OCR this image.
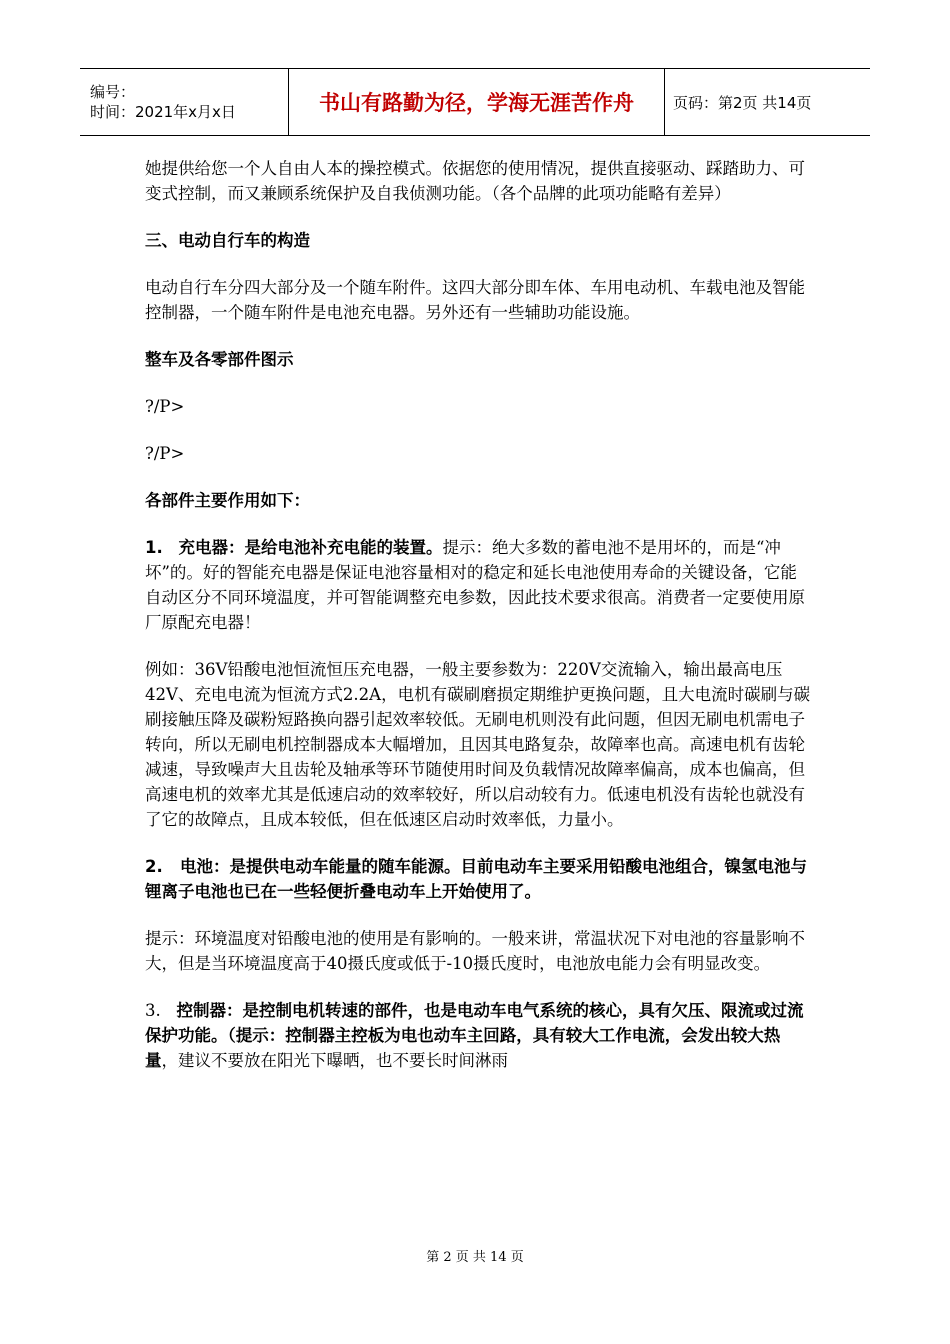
编号：
时间：2021年x月x日	书山有路勤为径，学海无涯苦作舟	页码：第2页 共14页

她提供给您一个人自由人本的操控模式。依据您的使用情况，提供直接驱动、踩踏助力、可变式控制，而又兼顾系统保护及自我侦测功能。（各个品牌的此项功能略有差异）

三、电动自行车的构造

电动自行车分四大部分及一个随车附件。这四大部分即车体、车用电动机、车载电池及智能控制器，一个随车附件是电池充电器。另外还有一些辅助功能设施。

整车及各零部件图示

?/P>

?/P>

各部件主要作用如下：

1. 充电器：是给电池补充电能的装置。提示：绝大多数的蓄电池不是用坏的，而是“冲坏”的。好的智能充电器是保证电池容量相对的稳定和延长电池使用寿命的关键设备，它能自动区分不同环境温度，并可智能调整充电参数，因此技术要求很高。消费者一定要使用原厂原配充电器！

例如：36V铅酸电池恒流恒压充电器，一般主要参数为：220V交流输入，输出最高电压42V、充电电流为恒流方式2.2A，电机有碳刷磨损定期维护更换问题，且大电流时碳刷与碳刷接触压降及碳粉短路换向器引起效率较低。无刷电机则没有此问题，但因无刷电机需电子转向，所以无刷电机控制器成本大幅增加，且因其电路复杂，故障率也高。高速电机有齿轮减速，导致噪声大且齿轮及轴承等环节随使用时间及负载情况故障率偏高，成本也偏高，但高速电机的效率尤其是低速启动的效率较好，所以启动较有力。低速电机没有齿轮也就没有了它的故障点，且成本较低，但在低速区启动时效率低，力量小。

2. 电池：是提供电动车能量的随车能源。目前电动车主要采用铅酸电池组合，镍氢电池与锂离子电池也已在一些轻便折叠电动车上开始使用了。

提示：环境温度对铅酸电池的使用是有影响的。一般来讲，常温状况下对电池的容量影响不大，但是当环境温度高于40摄氏度或低于-10摄氏度时，电池放电能力会有明显改变。

3. 控制器：是控制电机转速的部件，也是电动车电气系统的核心，具有欠压、限流或过流保护功能。（提示：控制器主控板为电也动车主回路，具有较大工作电流，会发出较大热量，建议不要放在阳光下曝晒，也不要长时间淋雨

第 2 页 共 14 页
